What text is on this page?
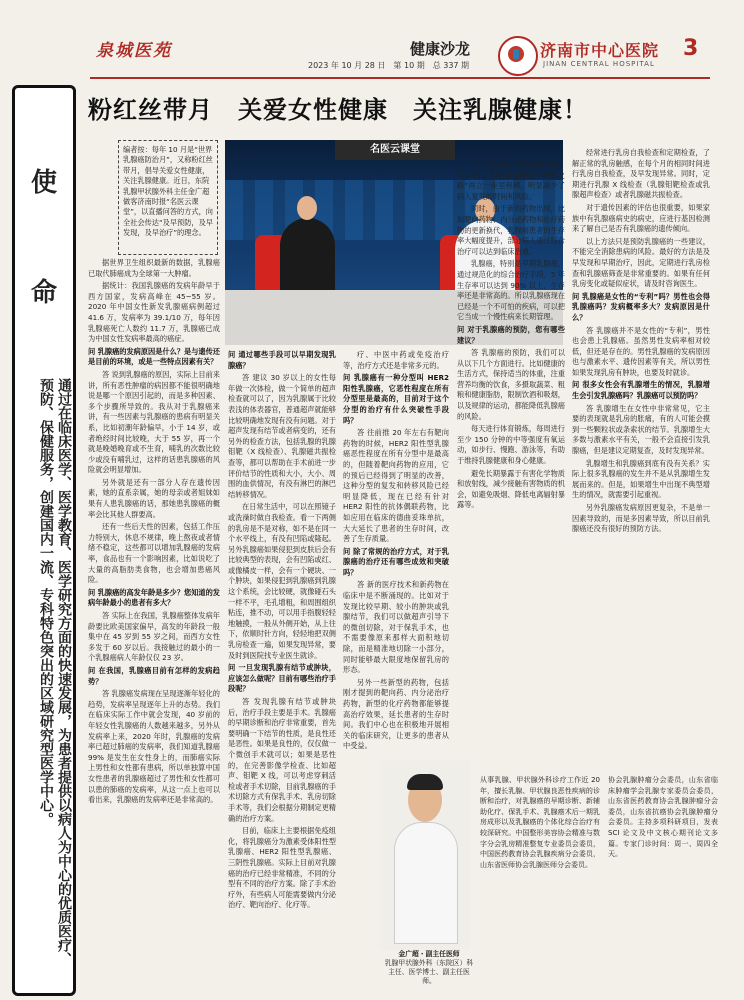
泉城医苑	健康沙龙
2023 年 10 月 28 日　第 10 期　总 337 期
济南市中心医院
JINAN CENTRAL HOSPITAL
3
使
命
通过在临床医学、医学教育、医学研究方面的快速发展，为患者提供以病人为中心的优质医疗、预防、保健服务，创建国内一流、专科特色突出的区域研究型医学中心。
粉红丝带月　关爱女性健康　关注乳腺健康！
编者按：每年 10 月是“世界乳腺癌防治月”，又称粉红丝带月，倡导关爱女性健康，关注乳腺健康。近日，东院乳腺甲状腺外科主任金广超做客济南时报“名医云课堂”，以直播问答的方式，向全社会传达“及早预防，及早发现，及早治疗”的理念。
名医云课堂

据世界卫生组织最新的数据，乳腺癌已取代肺癌成为全球第一大肿瘤。

据统计：我国乳腺癌的发病年龄早于西方国家，发病高峰在 45~55 岁。2020 年中国女性新发乳腺癌病例超过 41.6 万，发病率为 39.1/10 万，每年因乳腺癌死亡人数约 11.7 万，乳腺癌已成为中国女性发病率最高的癌症。

问 乳腺癌的发病原因是什么？是与遗传还是目前的环境，或是一些特点因素有关？

答 说到乳腺癌的原因，实际上目前来讲，所有恶性肿瘤的病因都不能很明确地说是哪一个原因引起的，而是多种因素、多个步骤所导致的。我从对于乳腺癌来讲，有一些因素与乳腺癌的患病有明显关系，比如初潮年龄偏早，小于 14 岁，或者绝经时间比较晚，大于 55 岁，再一个就是晚婚晚育或不生育，哺乳的次数比较少或没有哺乳过，这样的话患乳腺癌的风险就会明显增加。

另外就是还有一部分人存在遗传因素，她的直系亲属，她的母亲或者姐妹如果有人患乳腺癌的话，那她患乳腺癌的概率会比其他人群要高。

还有一些后天性的因素，包括工作压力特别大，休息不规律，晚上熬夜或者情绪不稳定，这些都可以增加乳腺癌的发病率，食品也有一个影响因素，比如说吃了大量的高脂肪类食物，也会增加患癌风险。

问 乳腺癌的高发年龄是多少？您知道的发病年龄最小的患者有多大？

答 实际上在我国，乳腺癌整体发病年龄要比欧美国家偏早，高发的年龄段一般集中在 45 岁到 55 岁之间，而西方女性多发于 60 岁以后。我接触过的最小的一个乳腺癌病人年龄仅仅 23 岁。

问 在我国，乳腺癌目前有怎样的发病趋势？

答 乳腺癌发病现在呈现逐渐年轻化的趋势，发病率呈现逐年上升的态势。我们在临床实际工作中就会发现，40 岁前的年轻女性乳腺癌的人数越来越多，另外从发病率上来，2020 年时，乳腺癌的发病率已超过肺癌的发病率，我们知道乳腺癌 99% 是发生在女性身上的，而肺癌实际上男性和女性都有患病，所以单独算中国女性患者的乳腺癌超过了男性和女性都可以患的肺癌的发病率，从这一点上也可以看出来，乳腺癌的发病率还是非常高的。

问 通过哪些手段可以早期发现乳腺癌？

答 建议 30 岁以上的女性每年做一次体检，做一个简单的超声检查就可以了，因为乳腺属于比较表浅的体表器官，普通超声就能够比较明确地发现有没有问题。对于超声发现有结节或者病变的，还有另外的检查方法，包括乳腺的乳腺钼靶（X 线检查）、乳腺磁共振检查等，都可以帮助在手术前进一步评价结节的性质和大小，大小、周围的血供情况，有没有淋巴的淋巴结转移情况。

在日常生活中，可以在照镜子或洗澡时做自我检查。看一下两侧的乳房是不是对称，如不是在同一个水平线上，有没有凹陷或隆起。另外乳腺癌如果侵犯到皮肤后会有比较典型的表现，会有凹陷或红、或像橘皮一样，会有一个硬块、一个肿块，如果侵犯到乳腺癌到乳腺这个系统，会比较硬，就像碰石头一样不平，毛孔增粗，和周围组织粘连，推不动，可以用手指腹轻轻地触摸，一般从外侧开始，从上往下，依顺时针方向，轻轻地把双侧乳房检查一遍，如果发现异常，要及时到医院找专业医生就诊。

问 一旦发现乳腺有结节或肿块，应该怎么做呢？目前有哪些治疗手段呢？

答 发现乳腺有结节或肿块后，治疗手段主要是手术。乳腺癌的早期诊断和治疗非常重要，首先要明确一下结节的性质，是良性还是恶性。如果是良性的，仅仅做一个微创手术就可以；如果是恶性的，在完善影像学检查、比如超声、钼靶 X 线，可以考虑穿刺活检或者手术切除，目前乳腺癌的手术切除方式有保乳手术、乳房切除手术等，我们会根据分期制定更精确的治疗方案。

目前，临床上主要根据免疫组化，将乳腺癌分为激素受体阳性型乳腺癌、HER2 阳性型乳腺癌、三阴性乳腺癌。实际上目前对乳腺癌的治疗已经非常精准，不同的分型有不同的治疗方案。除了手术治疗外，有些病人可能需要做内分泌治疗、靶向治疗、化疗等。

疗、中医中药或免疫治疗等，治疗方式还是非常多元的。

问 乳腺癌有一种分型叫 HER2 阳性乳腺癌，它恶性程度在所有分型里是最高的，目前对于这个分型的治疗有什么突破性手段吗？

答 往前推 20 年左右有靶向药物的时候，HER2 阳性型乳腺癌恶性程度在所有分型中是最高的，但随着靶向药物的应用，它的预后已经得到了明显的改善，这种分型的复发和转移风险已经明显降低，现在已经有针对 HER2 阳性的抗体偶联药物，比如应用在临床的德曲妥珠单抗，大大延长了患者的生存时间，改善了生存质量。

问 除了常规的治疗方式，对于乳腺癌的治疗还有哪些成效和突破吗？

答 新的医疗技术和新药物在临床中是不断涌现的。比如对于发现比较早期、较小的肿块或乳腺结节，我们可以做超声引导下的微创切除，对于保乳手术，也不需要像原来那样大面积地切除，而是精准地切除一小部分，同时能够最大限度地保留乳房的形态。

另外一些新型的药物，包括刚才提到的靶向药、内分泌治疗药物，新型的化疗药物都能够提高治疗效果，延长患者的生存时间。我们中心也在积极地开展相关的临床研究，让更多的患者从中受益。

了“从有到优”的革命性升级，为 HER2 阳性乳腺癌的“治愈之路”再立一座里程碑，明显减少了病人复发的时间和风险。

同时，由于新的药物出现，比如靶向药物、内分泌药物和化疗药物的更新换代，乳腺癌患者的生存率大幅度提升，部分病人通过综合治疗可以达到临床治愈。

乳腺癌，特别是早期乳腺癌，通过规范化的综合治疗手段，5 年生存率可以达到 90% 以上，生存率还是非常高的。所以乳腺癌现在已经是一个不可怕的疾病，可以把它当成一个慢性病来长期管理。

问 对于乳腺癌的预防，您有哪些建议？

答 乳腺癌的预防，我们可以从以下几个方面进行。比如健康的生活方式，保持适当的体重，注重营养均衡的饮食，多摄取蔬菜、粗粮和健康脂肪，限制饮酒和吸烟，以及规律的运动，都能降低乳腺癌的风险。

每天进行体育锻炼，每周进行至少 150 分钟的中等强度有氧运动，如步行、慢跑、游泳等，有助于维持乳腺健康和身心健康。

避免长期暴露于有害化学物质和放射线，减少接触有害物质的机会，如避免吸烟、降低电离辐射暴露等。

经常进行乳房自我检查和定期检查，了解正常的乳房触感，在每个月的相同时间进行乳房自我检查，及早发现异常。同时，定期进行乳腺 X 线检查（乳腺钼靶检查或乳腺超声检查）或者乳腺磁共振检查。

对于遗传因素的评估也很重要，如果家族中有乳腺癌病史的病史，应进行基因检测来了解自己是否有乳腺癌的遗传倾向。

以上方法只是预防乳腺癌的一些建议，不能完全消除患病的风险。最好的方法是及早发现和早期治疗，因此，定期进行乳房检查和乳腺癌筛查是非常重要的。如果有任何乳房变化或疑似症状，请及时咨询医生。

问 乳腺癌是女性的“专利”吗？男性也会得乳腺癌吗？发病概率多大？发病原因是什么？

答 乳腺癌并不是女性的“专利”，男性也会患上乳腺癌。虽然男性发病率相对较低，但还是存在的。男性乳腺癌的发病原因也与激素水平、遗传因素等有关，所以男性如果发现乳房有肿块，也要及时就诊。

问 很多女性会有乳腺增生的情况，乳腺增生会引发乳腺癌吗？乳腺癌可以预防吗？

答 乳腺增生在女性中非常常见，它主要的表现就是乳房的胀痛，有的人可能会摸到一些颗粒状或条索状的结节。乳腺增生大多数与激素水平有关，一般不会直接引发乳腺癌，但是建议定期复查，及时发现异常。

乳腺增生和乳腺癌到底有没有关系？实际上很多乳腺癌的发生并不是从乳腺增生发展而来的。但是，如果增生中出现不典型增生的情况，就需要引起重视。

另外乳腺癌发病原因更复杂，不是单一因素导致的，而是多因素导致，所以目前乳腺癌还没有很好的预防方法。

金广超・副主任医师
乳腺甲状腺外科（东院区）科主任、医学博士、副主任医师。
从事乳腺、甲状腺外科诊疗工作近 20 年，擅长乳腺、甲状腺良恶性疾病的诊断和治疗，对乳腺癌的早期诊断、新辅助化疗、保乳手术、乳腺癌术后一期乳房成形以及乳腺癌的个体化综合治疗有较深研究。中国整形美容协会精准与数字分会乳房精准整复专业委员会委员，中国医药教育协会乳腺疾病分会委员，山东省医师协会乳腺医师分会委员。
协会乳腺肿瘤分会委员，山东省临床肿瘤学会乳腺专家委员会委员，山东省医药教育协会乳腺肿瘤分会委员，山东省抗癌协会乳腺肿瘤分会委员。主持多项科研项目，发表 SCI 论文及中文核心期刊论文多篇。专家门诊时间：周一、周四全天。
